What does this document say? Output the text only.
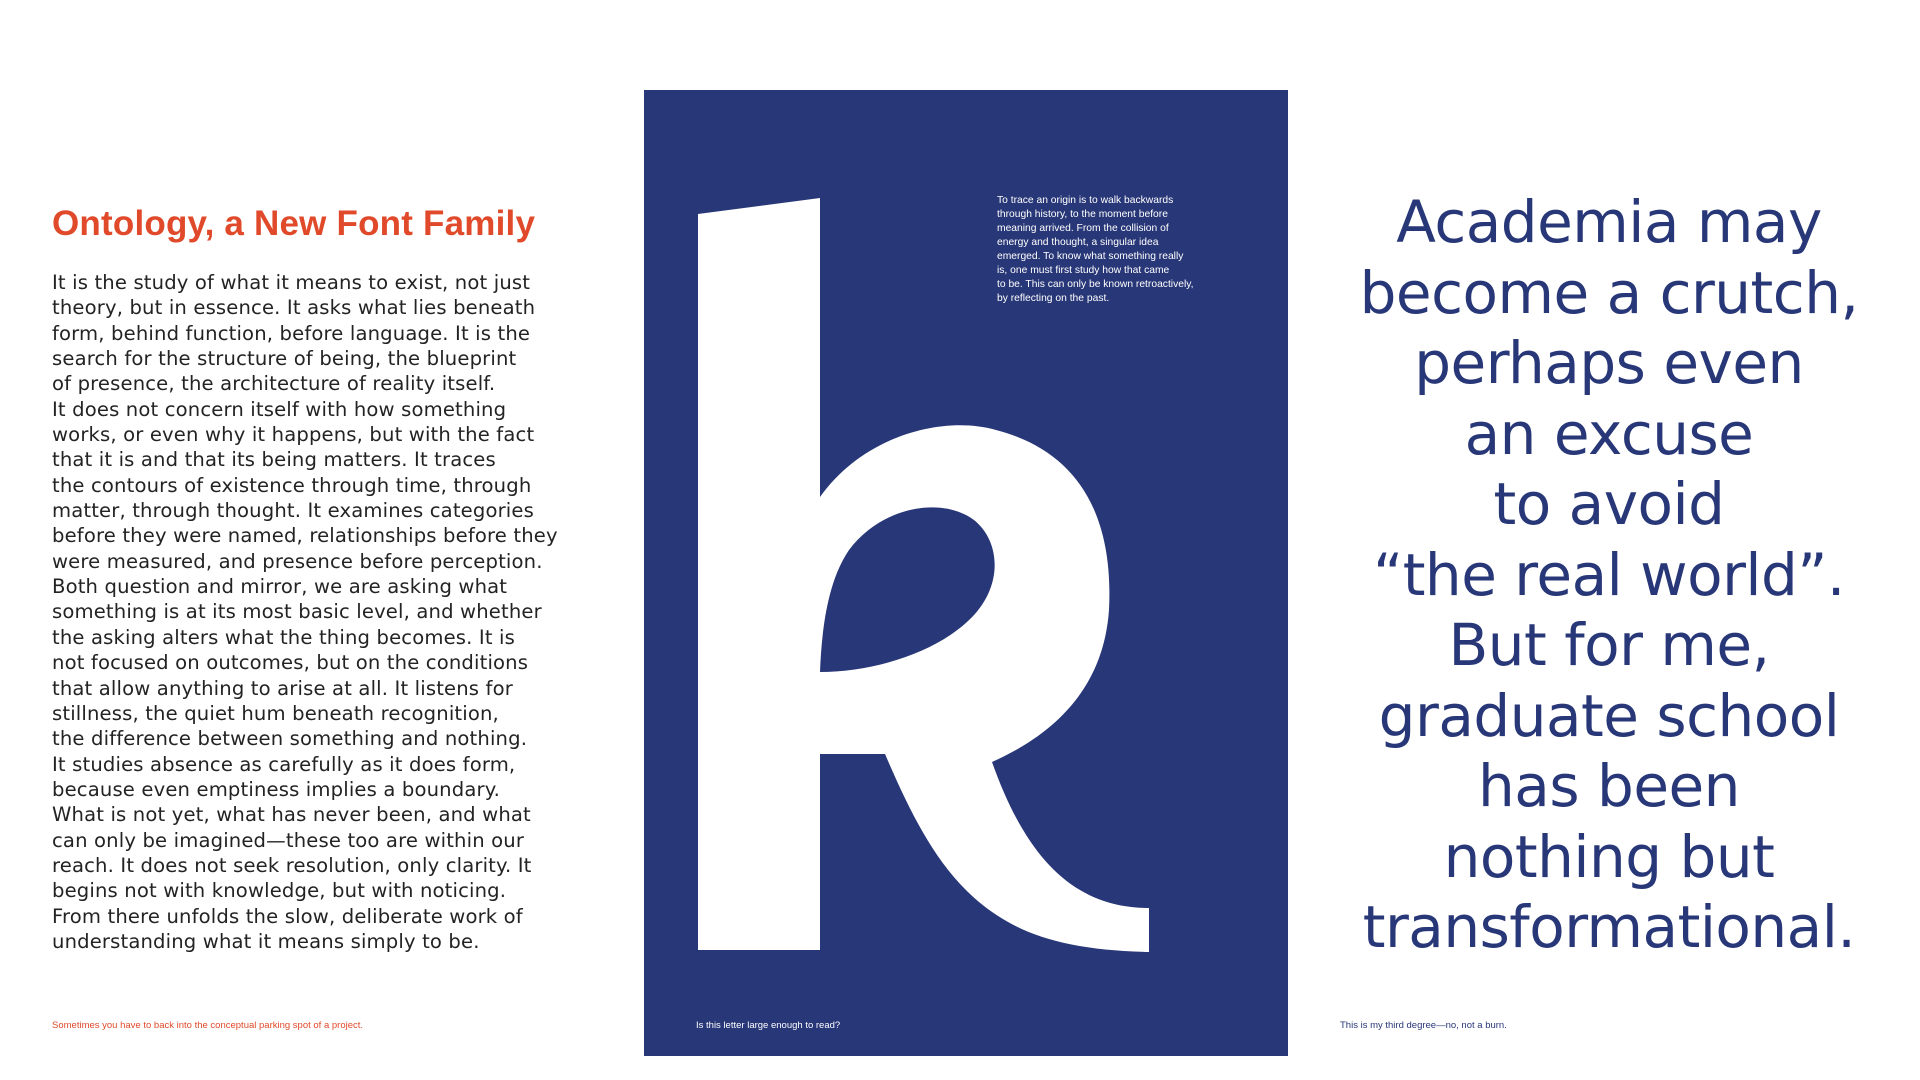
Ontology, a New Font Family
It is the study of what it means to exist, not just
theory, but in essence. It asks what lies beneath
form, behind function, before language. It is the
search for the structure of being, the blueprint
of presence, the architecture of reality itself.
It does not concern itself with how something
works, or even why it happens, but with the fact
that it is and that its being matters. It traces
the contours of existence through time, through
matter, through thought. It examines categories
before they were named, relationships before they
were measured, and presence before perception.
Both question and mirror, we are asking what
something is at its most basic level, and whether
the asking alters what the thing becomes. It is
not focused on outcomes, but on the conditions
that allow anything to arise at all. It listens for
stillness, the quiet hum beneath recognition,
the difference between something and nothing.
It studies absence as carefully as it does form,
because even emptiness implies a boundary.
What is not yet, what has never been, and what
can only be imagined—these too are within our
reach. It does not seek resolution, only clarity. It
begins not with knowledge, but with noticing.
From there unfolds the slow, deliberate work of
understanding what it means simply to be.
Sometimes you have to back into the conceptual parking spot of a project.
To trace an origin is to walk backwards
through history, to the moment before
meaning arrived. From the collision of
energy and thought, a singular idea
emerged. To know what something really
is, one must first study how that came
to be. This can only be known retroactively,
by reflecting on the past.
Is this letter large enough to read?
Academia may
become a crutch,
perhaps even
an excuse
to avoid
“the real world”.
But for me,
graduate school
has been
nothing but
transformational.
This is my third degree—no, not a burn.
